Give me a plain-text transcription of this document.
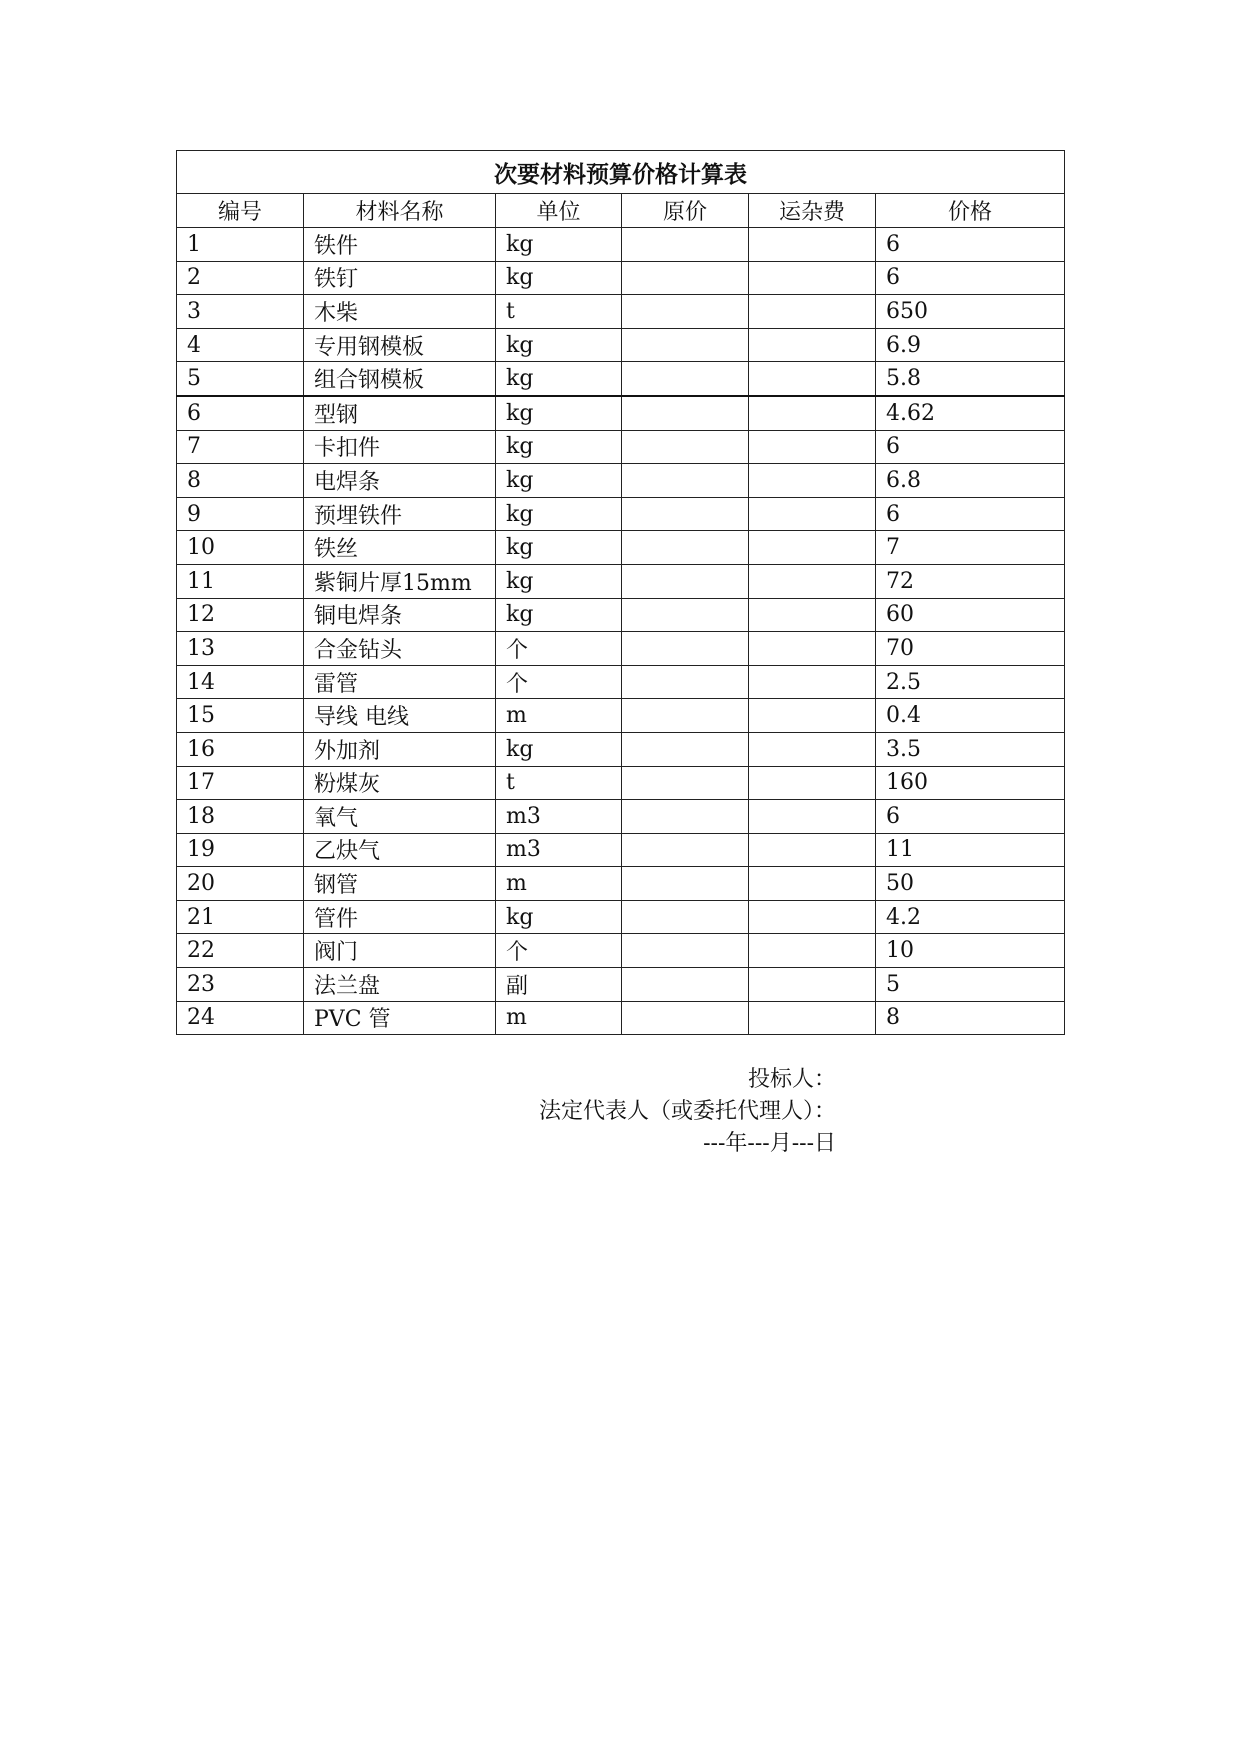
次要材料预算价格计算表					
编号	材料名称	单位	原价	运杂费	价格
1	铁件	kg			6
2	铁钉	kg			6
3	木柴	t			650
4	专用钢模板	kg			6.9
5	组合钢模板	kg			5.8
6	型钢	kg			4.62
7	卡扣件	kg			6
8	电焊条	kg			6.8
9	预埋铁件	kg			6
10	铁丝	kg			7
11	紫铜片厚15mm	kg			72
12	铜电焊条	kg			60
13	合金钻头	个			70
14	雷管	个			2.5
15	导线 电线	m			0.4
16	外加剂	kg			3.5
17	粉煤灰	t			160
18	氧气	m3			6
19	乙炔气	m3			11
20	钢管	m			50
21	管件	kg			4.2
22	阀门	个			10
23	法兰盘	副			5
24	PVC 管	m			8
投标人：
法定代表人（或委托代理人）：
---年---月---日
